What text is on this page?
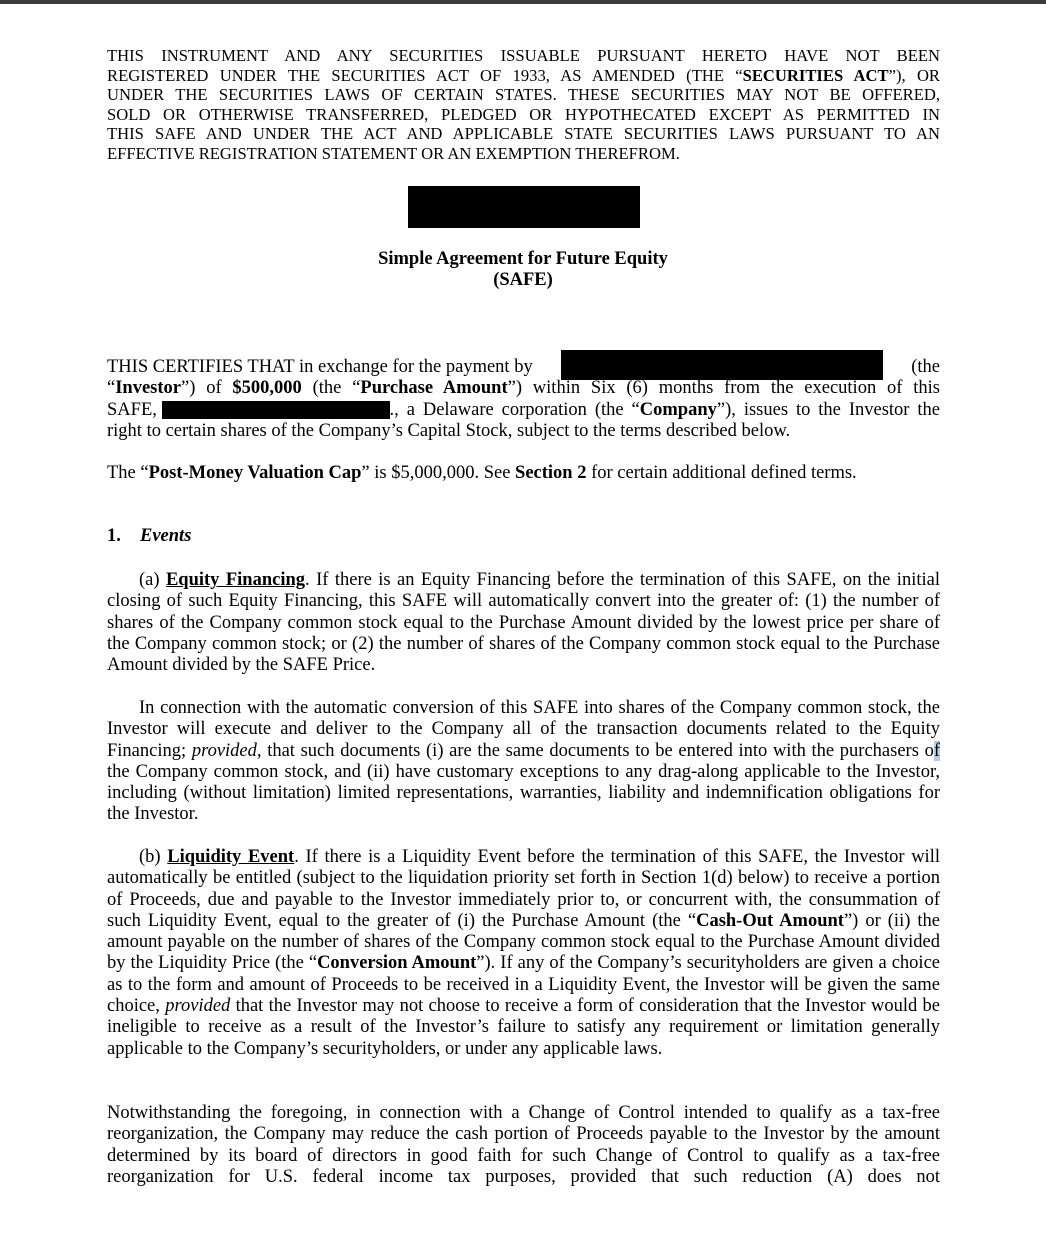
THIS INSTRUMENT AND ANY SECURITIES ISSUABLE PURSUANT HERETO HAVE NOT BEEN
REGISTERED UNDER THE SECURITIES ACT OF 1933, AS AMENDED (THE “SECURITIES ACT”), OR
UNDER THE SECURITIES LAWS OF CERTAIN STATES. THESE SECURITIES MAY NOT BE OFFERED,
SOLD OR OTHERWISE TRANSFERRED, PLEDGED OR HYPOTHECATED EXCEPT AS PERMITTED IN
THIS SAFE AND UNDER THE ACT AND APPLICABLE STATE SECURITIES LAWS PURSUANT TO AN
EFFECTIVE REGISTRATION STATEMENT OR AN EXEMPTION THEREFROM.
Simple Agreement for Future Equity
(SAFE)
THIS CERTIFIES THAT in exchange for the payment by	(the
“Investor”) of $500,000 (the “Purchase Amount”) within Six (6) months from the execution of this
SAFE,	., a Delaware corporation (the “Company”), issues to the Investor the
right to certain shares of the Company’s Capital Stock, subject to the terms described below.
The “Post-Money Valuation Cap” is $5,000,000. See Section 2 for certain additional defined terms.
1. Events
(a) Equity Financing. If there is an Equity Financing before the termination of this SAFE, on the initial closing of such Equity Financing, this SAFE will automatically convert into the greater of: (1) the number of shares of the Company common stock equal to the Purchase Amount divided by the lowest price per share of the Company common stock; or (2) the number of shares of the Company common stock equal to the Purchase Amount divided by the SAFE Price.
In connection with the automatic conversion of this SAFE into shares of the Company common stock, the Investor will execute and deliver to the Company all of the transaction documents related to the Equity Financing; provided, that such documents (i) are the same documents to be entered into with the purchasers of the Company common stock, and (ii) have customary exceptions to any drag-along applicable to the Investor, including (without limitation) limited representations, warranties, liability and indemnification obligations for the Investor.
(b) Liquidity Event. If there is a Liquidity Event before the termination of this SAFE, the Investor will automatically be entitled (subject to the liquidation priority set forth in Section 1(d) below) to receive a portion of Proceeds, due and payable to the Investor immediately prior to, or concurrent with, the consummation of such Liquidity Event, equal to the greater of (i) the Purchase Amount (the “Cash-Out Amount”) or (ii) the amount payable on the number of shares of the Company common stock equal to the Purchase Amount divided by the Liquidity Price (the “Conversion Amount”). If any of the Company’s securityholders are given a choice as to the form and amount of Proceeds to be received in a Liquidity Event, the Investor will be given the same choice, provided that the Investor may not choose to receive a form of consideration that the Investor would be ineligible to receive as a result of the Investor’s failure to satisfy any requirement or limitation generally applicable to the Company’s securityholders, or under any applicable laws.
Notwithstanding the foregoing, in connection with a Change of Control intended to qualify as a tax-free reorganization, the Company may reduce the cash portion of Proceeds payable to the Investor by the amount determined by its board of directors in good faith for such Change of Control to qualify as a tax-free reorganization for U.S. federal income tax purposes, provided that such reduction (A) does not
